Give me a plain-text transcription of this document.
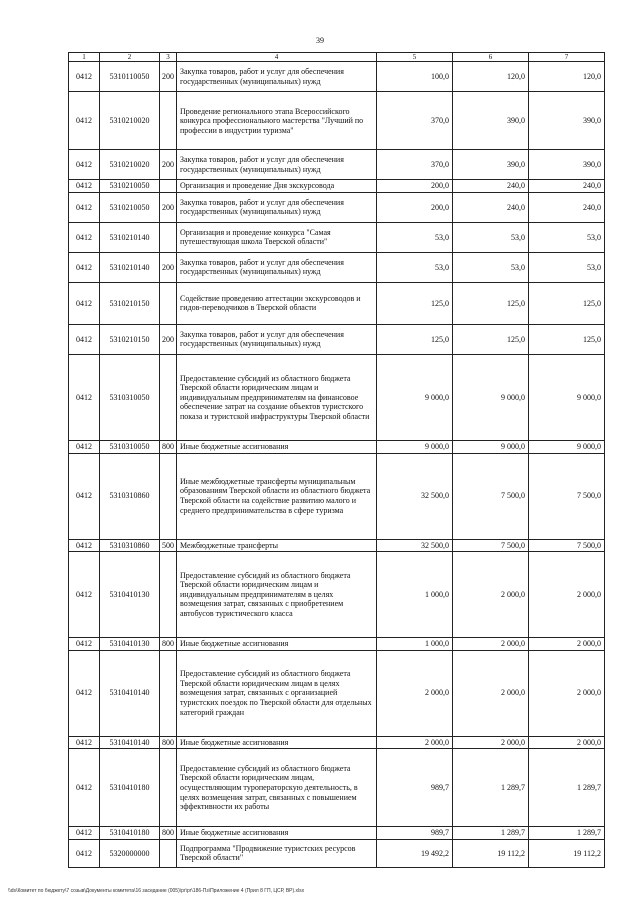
39
1	2	3	4	5	6	7
0412	5310110050	200	Закупка товаров, работ и услуг для обеспечения государственных (муниципальных) нужд	100,0	120,0	120,0
0412	5310210020		Проведение регионального этапа Всероссийского конкурса профессионального мастерства "Лучший по профессии в индустрии туризма"	370,0	390,0	390,0
0412	5310210020	200	Закупка товаров, работ и услуг для обеспечения государственных (муниципальных) нужд	370,0	390,0	390,0
0412	5310210050		Организация и проведение Дня экскурсовода	200,0	240,0	240,0
0412	5310210050	200	Закупка товаров, работ и услуг для обеспечения государственных (муниципальных) нужд	200,0	240,0	240,0
0412	5310210140		Организация и проведение конкурса "Самая путешествующая школа Тверской области"	53,0	53,0	53,0
0412	5310210140	200	Закупка товаров, работ и услуг для обеспечения государственных (муниципальных) нужд	53,0	53,0	53,0
0412	5310210150		Содействие проведению аттестации экскурсоводов и гидов-переводчиков в Тверской области	125,0	125,0	125,0
0412	5310210150	200	Закупка товаров, работ и услуг для обеспечения государственных (муниципальных) нужд	125,0	125,0	125,0
0412	5310310050		Предоставление субсидий из областного бюджета Тверской области юридическим лицам и индивидуальным предпринимателям на финансовое обеспечение затрат на создание объектов туристского показа и туристской инфраструктуры Тверской области	9 000,0	9 000,0	9 000,0
0412	5310310050	800	Иные бюджетные ассигнования	9 000,0	9 000,0	9 000,0
0412	5310310860		Иные межбюджетные трансферты муниципальным образованиям Тверской области из областного бюджета Тверской области на содействие развитию малого и среднего предпринимательства в сфере туризма	32 500,0	7 500,0	7 500,0
0412	5310310860	500	Межбюджетные трансферты	32 500,0	7 500,0	7 500,0
0412	5310410130		Предоставление субсидий из областного бюджета Тверской области юридическим лицам и индивидуальным предпринимателям в целях возмещения затрат, связанных с приобретением автобусов туристического класса	1 000,0	2 000,0	2 000,0
0412	5310410130	800	Иные бюджетные ассигнования	1 000,0	2 000,0	2 000,0
0412	5310410140		Предоставление субсидий из областного бюджета Тверской области юридическим лицам в целях возмещения затрат, связанных с организацией туристских поездок по Тверской области для отдельных категорий граждан	2 000,0	2 000,0	2 000,0
0412	5310410140	800	Иные бюджетные ассигнования	2 000,0	2 000,0	2 000,0
0412	5310410180		Предоставление субсидий из областного бюджета Тверской области юридическим лицам, осуществляющим туроператорскую деятельность, в целях возмещения затрат, связанных с повышением эффективности их работы	989,7	1 289,7	1 289,7
0412	5310410180	800	Иные бюджетные ассигнования	989,7	1 289,7	1 289,7
0412	5320000000		Подпрограмма "Продвижение туристских ресурсов Тверской области"	19 492,2	19 112,2	19 112,2
\\ds\Комитет по бюджету\7 созыв\Документы комитета\16 заседание (005)\pr\pr\186-Пз\Приложение 4 (Прил 8 ГП, ЦСР, ВР).xlsx
